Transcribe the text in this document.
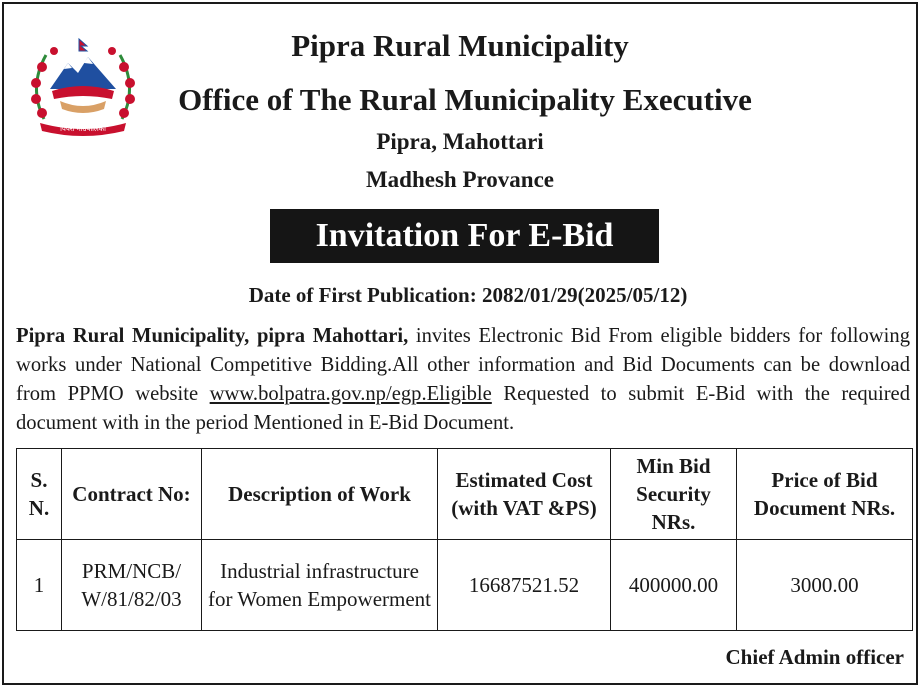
पिपरा गाउँपालिका
Pipra Rural Municipality
Office of The Rural Municipality Executive
Pipra, Mahottari
Madhesh Provance
Invitation For E-Bid
Date of First Publication: 2082/01/29(2025/05/12)
Pipra Rural Municipality, pipra Mahottari, invites Electronic Bid From eligible bidders for following works under National Competitive Bidding.All other information and Bid Documents can be download from PPMO website www.bolpatra.gov.np/egp.Eligible Requested to submit E-Bid with the required document with in the period Mentioned in E-Bid Document.
S. N.	Contract No:	Description of Work	Estimated Cost (with VAT &PS)	Min Bid Security NRs.	Price of Bid Document NRs.
1	PRM/NCB/ W/81/82/03	Industrial infrastructure for Women Empowerment	16687521.52	400000.00	3000.00
Chief Admin officer
